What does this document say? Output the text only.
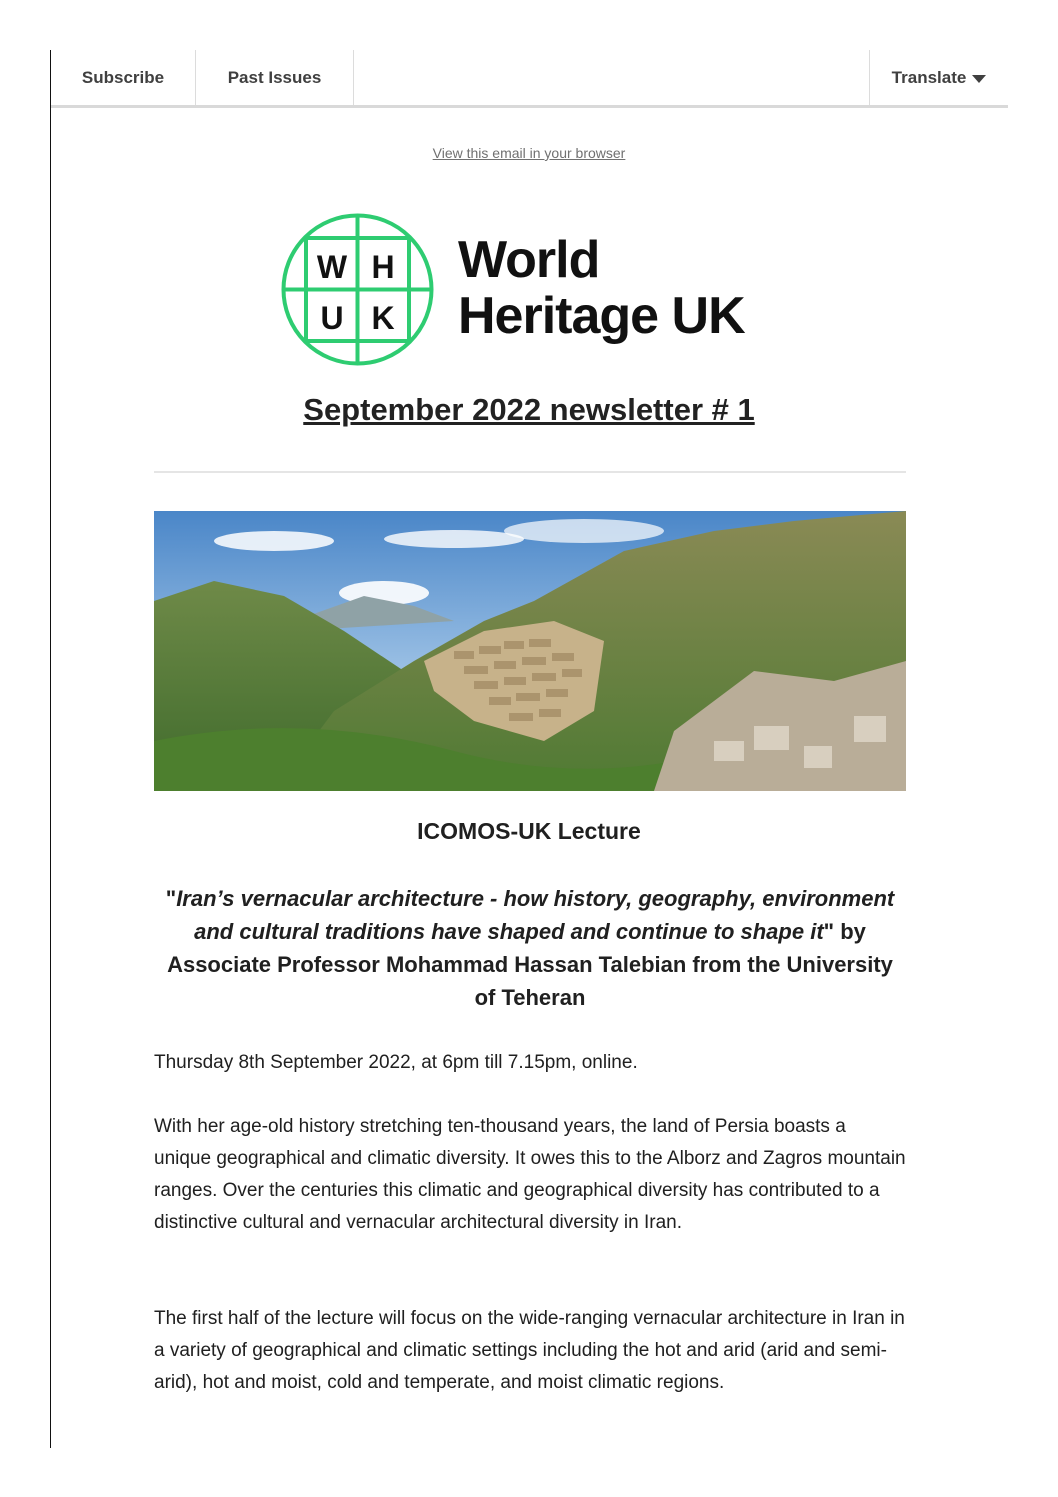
Subscribe	Past Issues	Translate
View this email in your browser
W H
U K
World
Heritage UK
September 2022 newsletter # 1
ICOMOS-UK Lecture
"Iran’s vernacular architecture - how history, geography, environment and cultural traditions have shaped and continue to shape it" by Associate Professor Mohammad Hassan Talebian from the University of Teheran

Thursday 8th September 2022, at 6pm till 7.15pm, online.

With her age-old history stretching ten-thousand years, the land of Persia boasts a unique geographical and climatic diversity. It owes this to the Alborz and Zagros mountain ranges. Over the centuries this climatic and geographical diversity has contributed to a distinctive cultural and vernacular architectural diversity in Iran.

The first half of the lecture will focus on the wide-ranging vernacular architecture in Iran in a variety of geographical and climatic settings including the hot and arid (arid and semi-arid), hot and moist, cold and temperate, and moist climatic regions.
